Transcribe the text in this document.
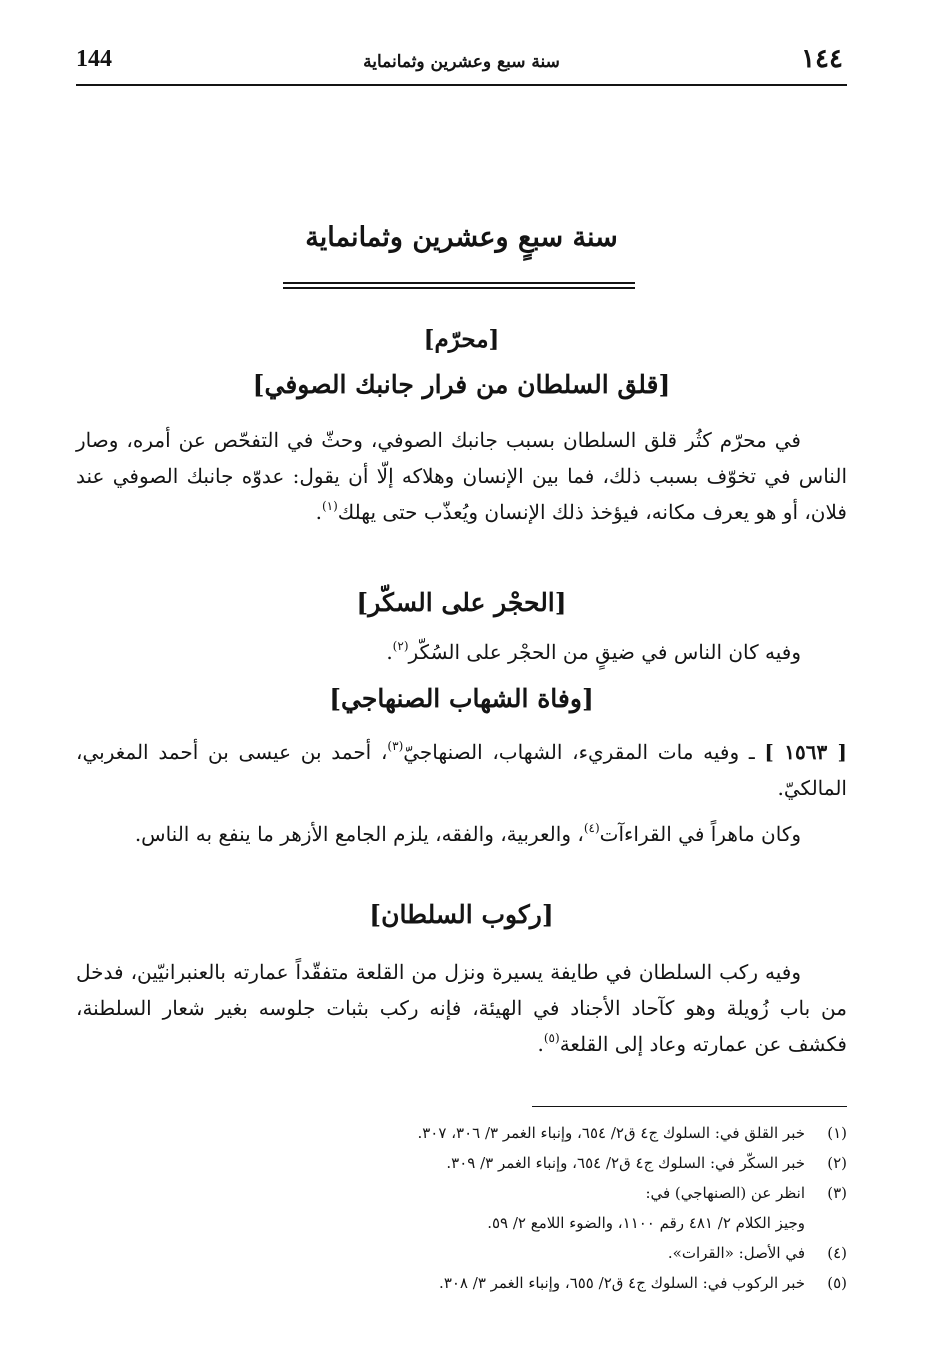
144	سنة سبع وعشرين وثمانماية	١٤٤
سنة سبعٍ وعشرين وثمانماية
[محرّم]
[قلق السلطان من فرار جانبك الصوفي]
في محرّم كثُر قلق السلطان بسبب جانبك الصوفي، وحثّ في التفحّص عن أمره، وصار الناس في تخوّف بسبب ذلك، فما بين الإنسان وهلاكه إلّا أن يقول: عدوّه جانبك الصوفي عند فلان، أو هو يعرف مكانه، فيؤخذ ذلك الإنسان ويُعذّب حتى يهلك$^{(١)}$.
[الحجْر على السكّر]
وفيه كان الناس في ضيقٍ من الحجْر على السُكّر$^{(٢)}$.
[وفاة الشهاب الصنهاجي]
[ ١٥٦٣ ] ـ وفيه مات المقريء، الشهاب، الصنهاجيّ$^{(٣)}$، أحمد بن عيسى بن أحمد المغربي، المالكيّ.
وكان ماهراً في القراءآت$^{(٤)}$، والعربية، والفقه، يلزم الجامع الأزهر ما ينفع به الناس.
[ركوب السلطان]
وفيه ركب السلطان في طايفة يسيرة ونزل من القلعة متفقّداً عمارته بالعنبرانيّين، فدخل من باب زُويلة وهو كآحاد الأجناد في الهيئة، فإنه ركب بثبات جلوسه بغير شعار السلطنة، فكشف عن عمارته وعاد إلى القلعة$^{(٥)}$.
(١)خبر القلق في: السلوك ج٤ ق٢/ ٦٥٤، وإنباء الغمر ٣/ ٣٠٦، ٣٠٧.
(٢)خبر السكّر في: السلوك ج٤ ق٢/ ٦٥٤، وإنباء الغمر ٣/ ٣٠٩.
(٣)انظر عن (الصنهاجي) في:
وجيز الكلام ٢/ ٤٨١ رقم ١١٠٠، والضوء اللامع ٢/ ٥٩.
(٤)في الأصل: «القرات».
(٥)خبر الركوب في: السلوك ج٤ ق٢/ ٦٥٥، وإنباء الغمر ٣/ ٣٠٨.
